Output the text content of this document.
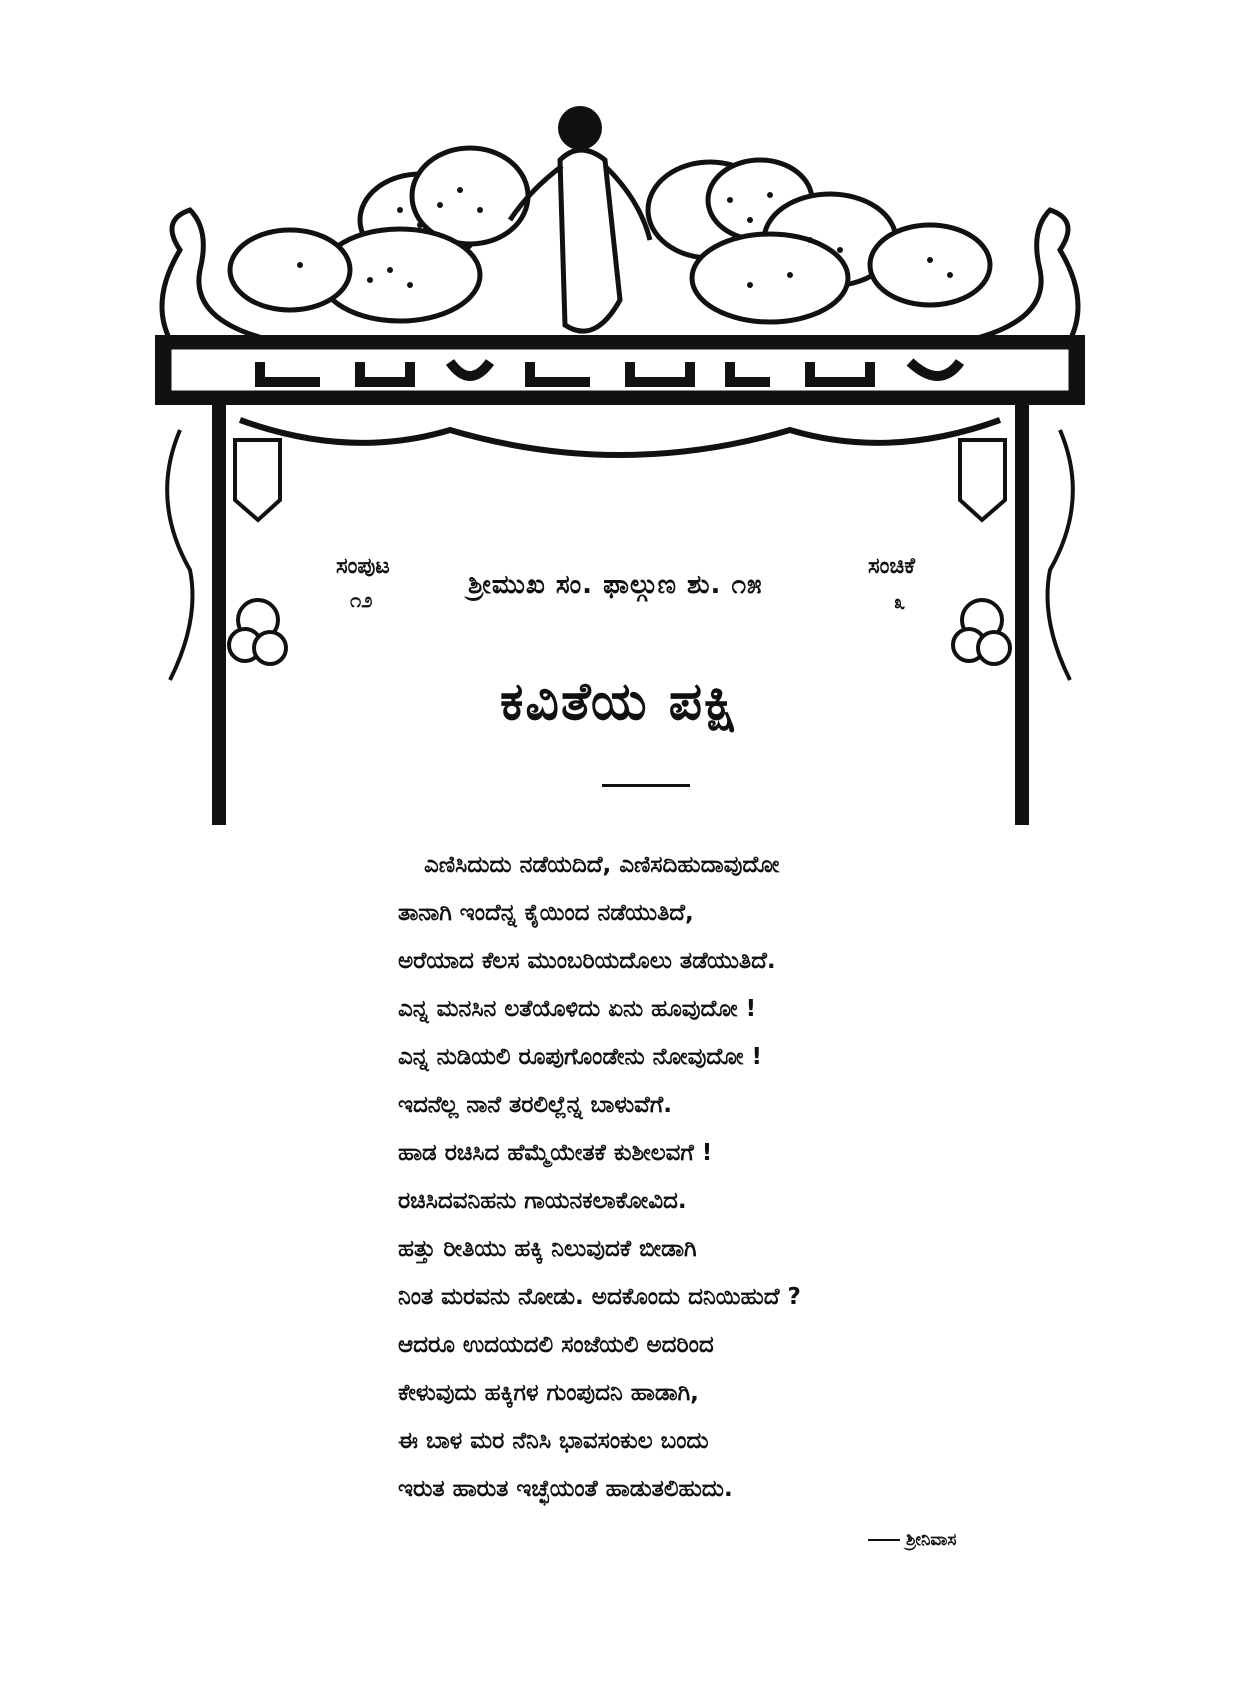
ಸಂಪುಟ
೧೨	ಶ್ರೀಮುಖ ಸಂ. ಫಾಲ್ಗುಣ ಶು. ೧೫
ಸಂಚಿಕೆ
೩
ಕವಿತೆಯ ಪಕ್ಷಿ
ಎಣಿಸಿದುದು ನಡೆಯದಿದೆ, ಎಣಿಸದಿಹುದಾವುದೋ
ತಾನಾಗಿ ಇಂದೆನ್ನ ಕೈಯಿಂದ ನಡೆಯುತಿದೆ,
ಅರೆಯಾದ ಕೆಲಸ ಮುಂಬರಿಯದೊಲು ತಡೆಯುತಿದೆ.
ಎನ್ನ ಮನಸಿನ ಲತೆಯೊಳಿದು ಏನು ಹೂವುದೋ !
ಎನ್ನ ನುಡಿಯಲಿ ರೂಪುಗೊಂಡೇನು ನೋವುದೋ !
ಇದನೆಲ್ಲ ನಾನೆ ತರಲಿಲ್ಲೆನ್ನ ಬಾಳುವೆಗೆ.
ಹಾಡ ರಚಿಸಿದ ಹೆಮ್ಮೆಯೇತಕೆ ಕುಶೀಲವಗೆ !
ರಚಿಸಿದವನಿಹನು ಗಾಯನಕಲಾಕೋವಿದ.
ಹತ್ತು ರೀತಿಯು ಹಕ್ಕಿ ನಿಲುವುದಕೆ ಬೀಡಾಗಿ
ನಿಂತ ಮರವನು ನೋಡು. ಅದಕೊಂದು ದನಿಯಿಹುದೆ ?
ಆದರೂ ಉದಯದಲಿ ಸಂಜೆಯಲಿ ಅದರಿಂದ
ಕೇಳುವುದು ಹಕ್ಕಿಗಳ ಗುಂಪುದನಿ ಹಾಡಾಗಿ,
ಈ ಬಾಳ ಮರ ನೆನಿಸಿ ಭಾವಸಂಕುಲ ಬಂದು
ಇರುತ ಹಾರುತ ಇಚ್ಛೆಯಂತೆ ಹಾಡುತಲಿಹುದು.
ಶ್ರೀನಿವಾಸ
